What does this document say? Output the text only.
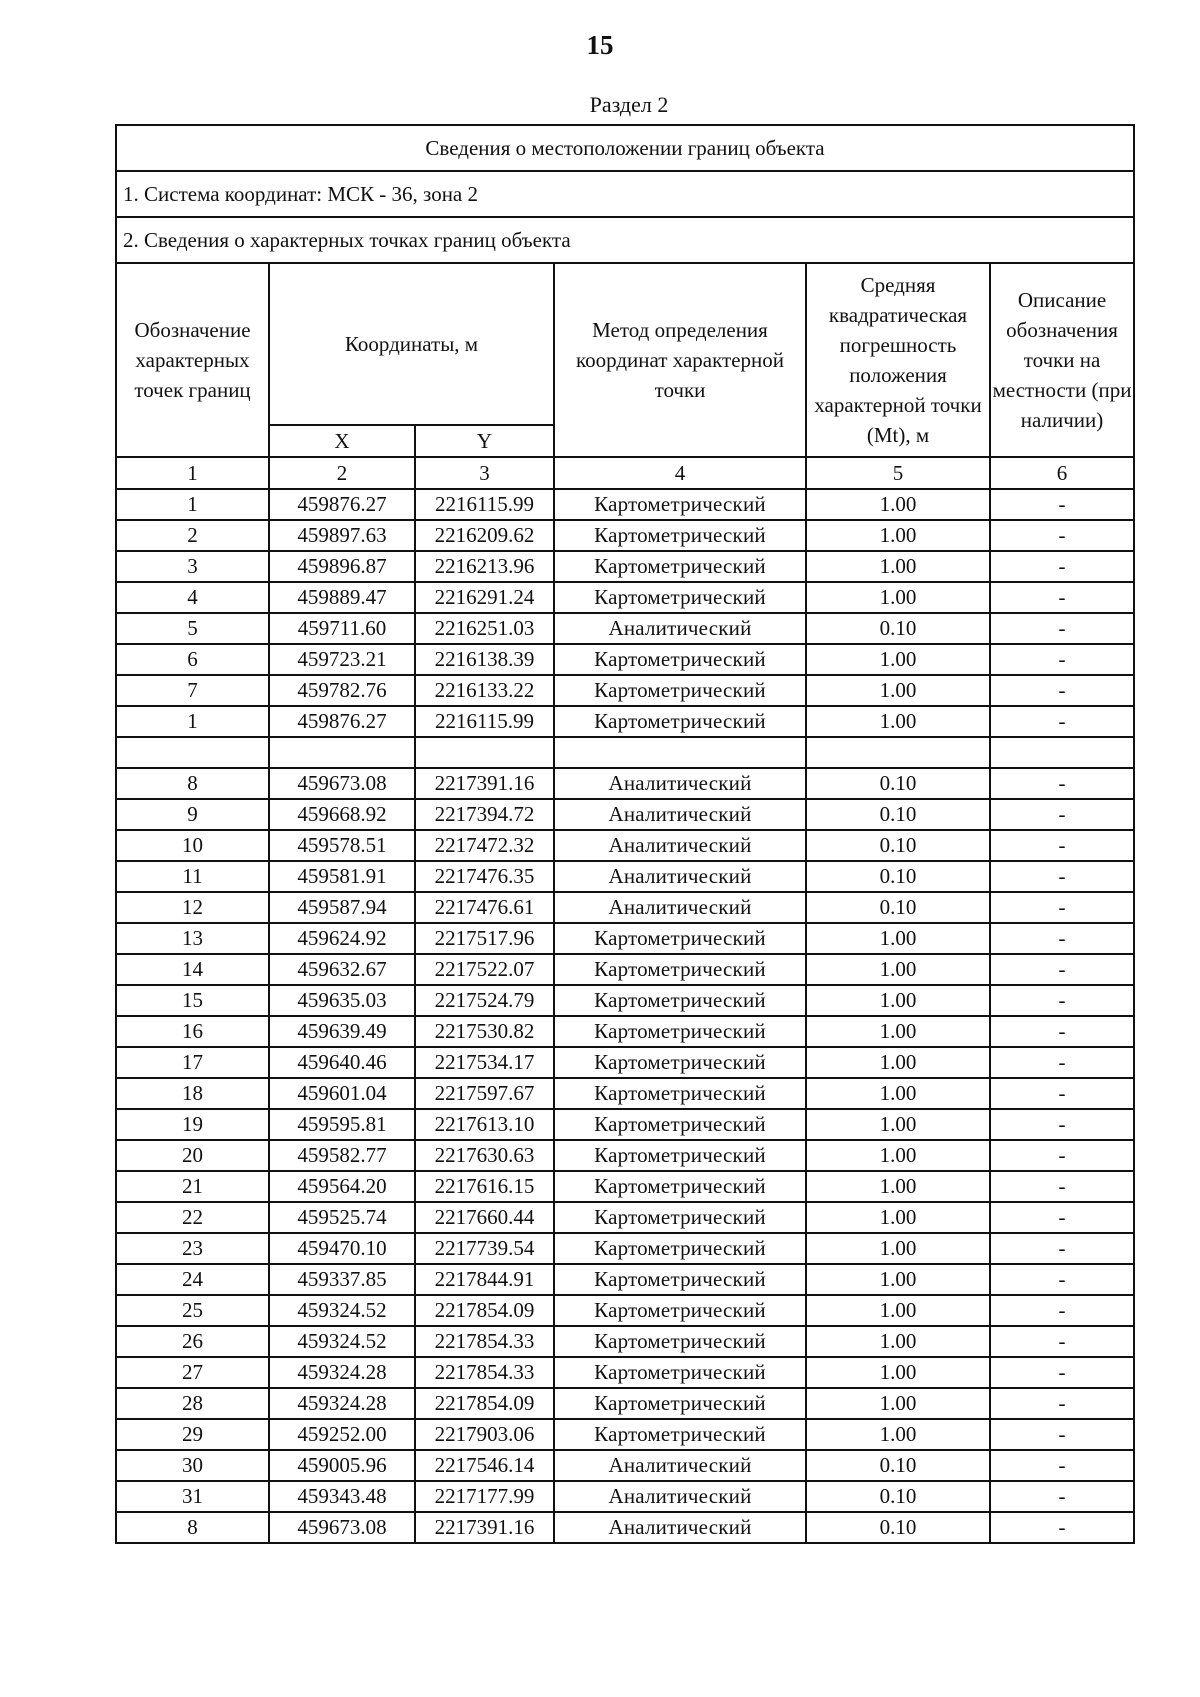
15
Раздел 2
Сведения о местоположении границ объекта					
1. Система координат: МСК - 36, зона 2					
2. Сведения о характерных точках границ объекта					
Обозначение характерных точек границ	Координаты, м		Метод определения координат характерной точки	Средняя квадратическая погрешность положения характерной точки (Mt), м	Описание обозначения точки на местности (при наличии)
	X	Y			
1	2	3	4	5	6
1	459876.27	2216115.99	Картометрический	1.00	-
2	459897.63	2216209.62	Картометрический	1.00	-
3	459896.87	2216213.96	Картометрический	1.00	-
4	459889.47	2216291.24	Картометрический	1.00	-
5	459711.60	2216251.03	Аналитический	0.10	-
6	459723.21	2216138.39	Картометрический	1.00	-
7	459782.76	2216133.22	Картометрический	1.00	-
1	459876.27	2216115.99	Картометрический	1.00	-

8	459673.08	2217391.16	Аналитический	0.10	-
9	459668.92	2217394.72	Аналитический	0.10	-
10	459578.51	2217472.32	Аналитический	0.10	-
11	459581.91	2217476.35	Аналитический	0.10	-
12	459587.94	2217476.61	Аналитический	0.10	-
13	459624.92	2217517.96	Картометрический	1.00	-
14	459632.67	2217522.07	Картометрический	1.00	-
15	459635.03	2217524.79	Картометрический	1.00	-
16	459639.49	2217530.82	Картометрический	1.00	-
17	459640.46	2217534.17	Картометрический	1.00	-
18	459601.04	2217597.67	Картометрический	1.00	-
19	459595.81	2217613.10	Картометрический	1.00	-
20	459582.77	2217630.63	Картометрический	1.00	-
21	459564.20	2217616.15	Картометрический	1.00	-
22	459525.74	2217660.44	Картометрический	1.00	-
23	459470.10	2217739.54	Картометрический	1.00	-
24	459337.85	2217844.91	Картометрический	1.00	-
25	459324.52	2217854.09	Картометрический	1.00	-
26	459324.52	2217854.33	Картометрический	1.00	-
27	459324.28	2217854.33	Картометрический	1.00	-
28	459324.28	2217854.09	Картометрический	1.00	-
29	459252.00	2217903.06	Картометрический	1.00	-
30	459005.96	2217546.14	Аналитический	0.10	-
31	459343.48	2217177.99	Аналитический	0.10	-
8	459673.08	2217391.16	Аналитический	0.10	-
